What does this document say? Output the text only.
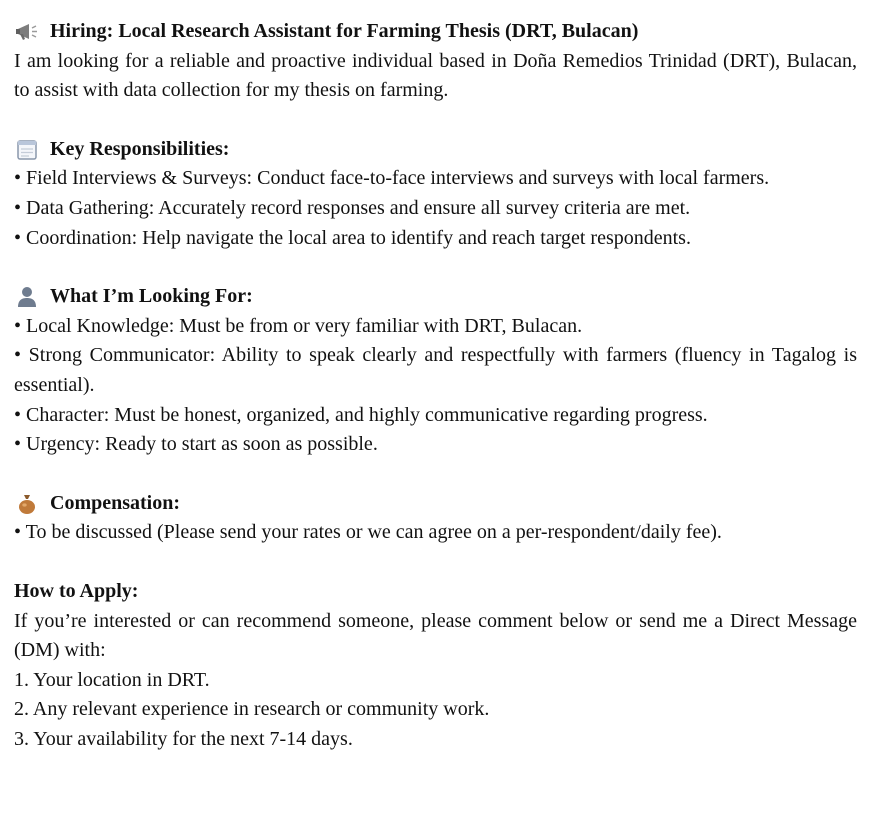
Hiring: Local Research Assistant for Farming Thesis (DRT, Bulacan)

I am looking for a reliable and proactive individual based in Doña Remedios Trinidad (DRT), Bulacan, to assist with data collection for my thesis on farming.

Key Responsibilities:

• Field Interviews & Surveys: Conduct face-to-face interviews and surveys with local farmers.

• Data Gathering: Accurately record responses and ensure all survey criteria are met.

• Coordination: Help navigate the local area to identify and reach target respondents.

What I’m Looking For:

• Local Knowledge: Must be from or very familiar with DRT, Bulacan.

• Strong Communicator: Ability to speak clearly and respectfully with farmers (fluency in Tagalog is essential).

• Character: Must be honest, organized, and highly communicative regarding progress.

• Urgency: Ready to start as soon as possible.

Compensation:

• To be discussed (Please send your rates or we can agree on a per-respondent/daily fee).

How to Apply:

If you’re interested or can recommend someone, please comment below or send me a Direct Message (DM) with:

1. Your location in DRT.

2. Any relevant experience in research or community work.

3. Your availability for the next 7-14 days.
